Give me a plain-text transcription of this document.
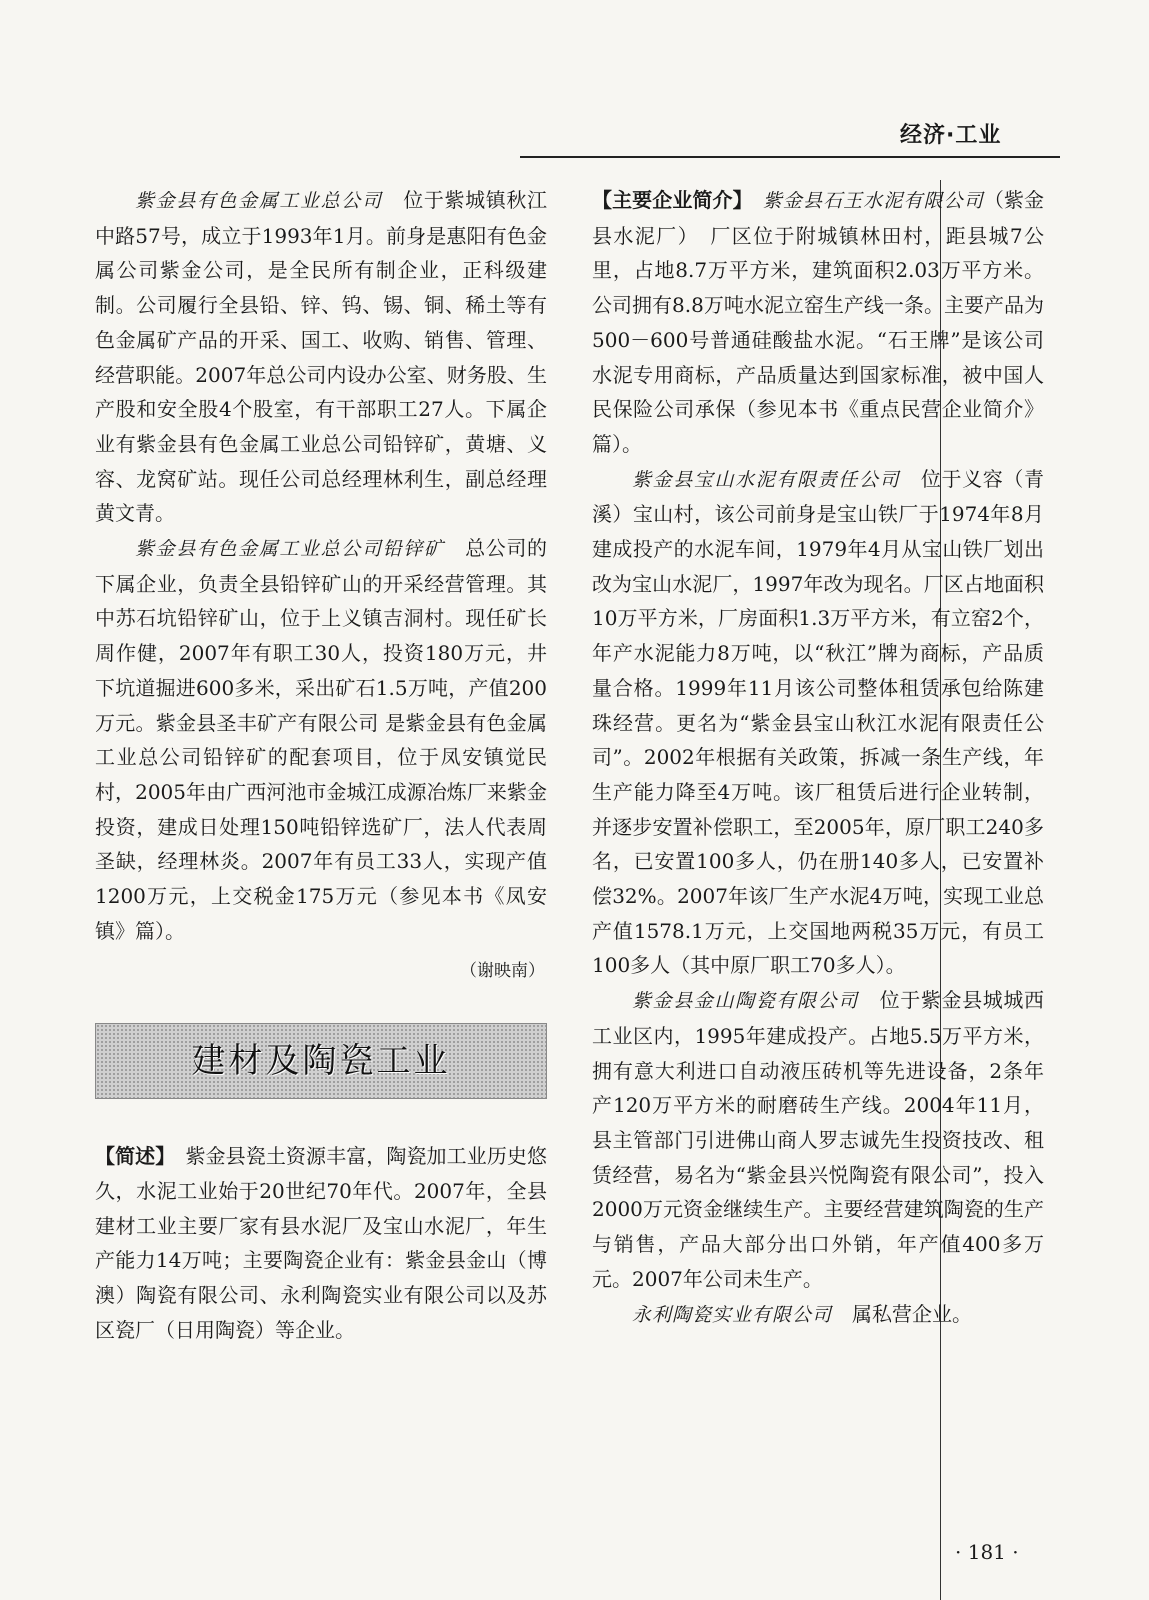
经济·工业

紫金县有色金属工业总公司　位于紫城镇秋江中路57号，成立于1993年1月。前身是惠阳有色金属公司紫金公司，是全民所有制企业，正科级建制。公司履行全县铅、锌、钨、锡、铜、稀土等有色金属矿产品的开采、国工、收购、销售、管理、经营职能。2007年总公司内设办公室、财务股、生产股和安全股4个股室，有干部职工27人。下属企业有紫金县有色金属工业总公司铅锌矿，黄塘、义容、龙窝矿站。现任公司总经理林利生，副总经理黄文青。

紫金县有色金属工业总公司铅锌矿　总公司的下属企业，负责全县铅锌矿山的开采经营管理。其中苏石坑铅锌矿山，位于上义镇吉洞村。现任矿长周作健，2007年有职工30人，投资180万元，井下坑道掘进600多米，采出矿石1.5万吨，产值200万元。紫金县圣丰矿产有限公司 是紫金县有色金属工业总公司铅锌矿的配套项目，位于凤安镇觉民村，2005年由广西河池市金城江成源冶炼厂来紫金投资，建成日处理150吨铅锌选矿厂，法人代表周圣缺，经理林炎。2007年有员工33人，实现产值1200万元，上交税金175万元（参见本书《凤安镇》篇）。

（谢映南）
建材及陶瓷工业

【简述】　紫金县瓷土资源丰富，陶瓷加工业历史悠久，水泥工业始于20世纪70年代。2007年，全县建材工业主要厂家有县水泥厂及宝山水泥厂，年生产能力14万吨；主要陶瓷企业有：紫金县金山（博澳）陶瓷有限公司、永利陶瓷实业有限公司以及苏区瓷厂（日用陶瓷）等企业。

【主要企业简介】　紫金县石王水泥有限公司（紫金县水泥厂）　厂区位于附城镇林田村，距县城7公里，占地8.7万平方米，建筑面积2.03万平方米。公司拥有8.8万吨水泥立窑生产线一条。主要产品为500－600号普通硅酸盐水泥。“石王牌”是该公司水泥专用商标，产品质量达到国家标准，被中国人民保险公司承保（参见本书《重点民营企业简介》篇）。

紫金县宝山水泥有限责任公司　位于义容（青溪）宝山村，该公司前身是宝山铁厂于1974年8月建成投产的水泥车间，1979年4月从宝山铁厂划出改为宝山水泥厂，1997年改为现名。厂区占地面积10万平方米，厂房面积1.3万平方米，有立窑2个，年产水泥能力8万吨，以“秋江”牌为商标，产品质量合格。1999年11月该公司整体租赁承包给陈建珠经营。更名为“紫金县宝山秋江水泥有限责任公司”。2002年根据有关政策，拆减一条生产线，年生产能力降至4万吨。该厂租赁后进行企业转制，并逐步安置补偿职工，至2005年，原厂职工240多名，已安置100多人，仍在册140多人，已安置补偿32%。2007年该厂生产水泥4万吨，实现工业总产值1578.1万元，上交国地两税35万元，有员工100多人（其中原厂职工70多人）。

紫金县金山陶瓷有限公司　位于紫金县城城西工业区内，1995年建成投产。占地5.5万平方米，拥有意大利进口自动液压砖机等先进设备，2条年产120万平方米的耐磨砖生产线。2004年11月，县主管部门引进佛山商人罗志诚先生投资技改、租赁经营，易名为“紫金县兴悦陶瓷有限公司”，投入2000万元资金继续生产。主要经营建筑陶瓷的生产与销售，产品大部分出口外销，年产值400多万元。2007年公司未生产。

永利陶瓷实业有限公司　属私营企业。

· 181 ·
